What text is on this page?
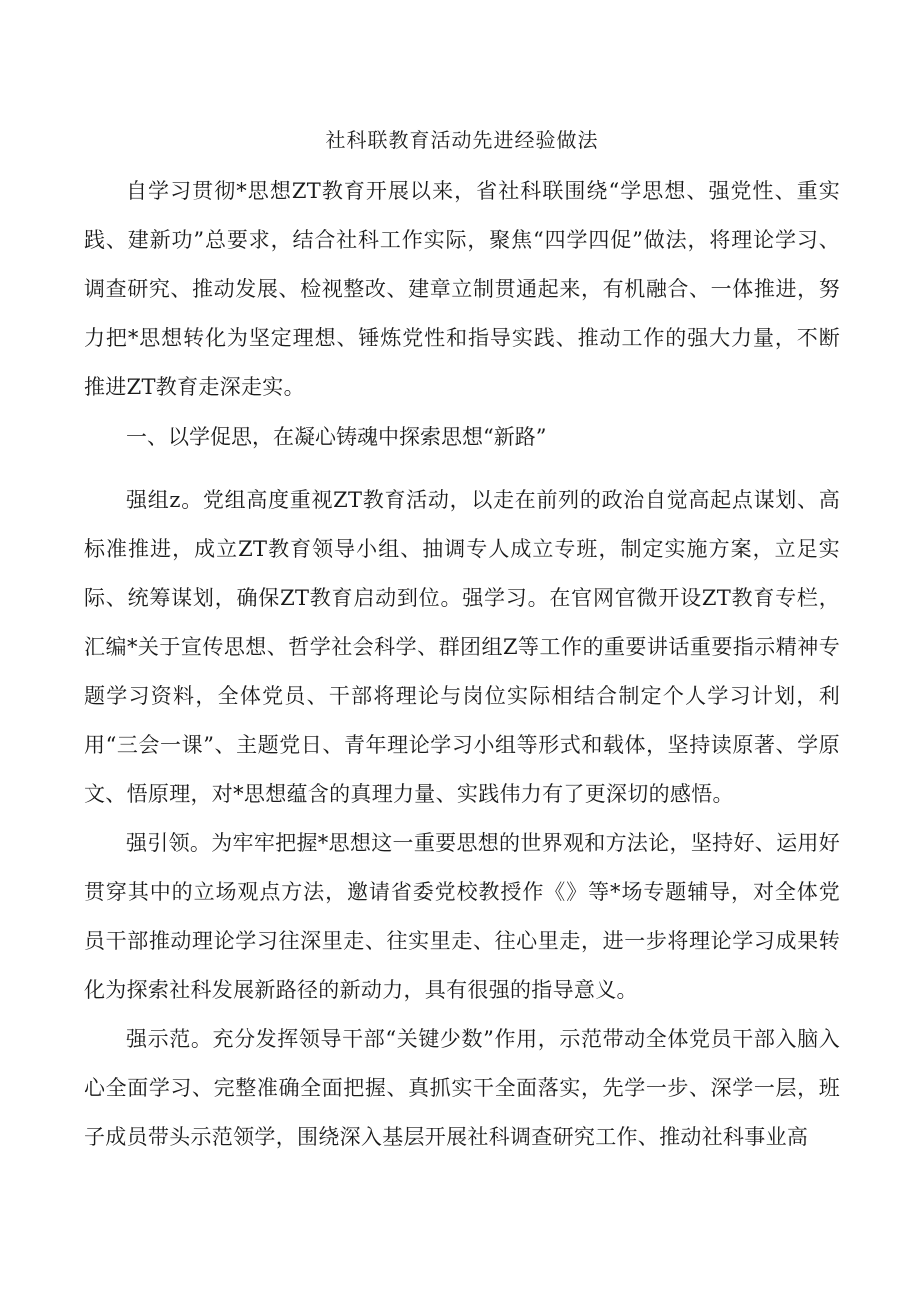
社科联教育活动先进经验做法

自学习贯彻*思想ZT教育开展以来，省社科联围绕“学思想、强党性、重实践、建新功”总要求，结合社科工作实际，聚焦“四学四促”做法，将理论学习、调查研究、推动发展、检视整改、建章立制贯通起来，有机融合、一体推进，努力把*思想转化为坚定理想、锤炼党性和指导实践、推动工作的强大力量，不断推进ZT教育走深走实。

一、以学促思，在凝心铸魂中探索思想“新路”

强组z。党组高度重视ZT教育活动，以走在前列的政治自觉高起点谋划、高标准推进，成立ZT教育领导小组、抽调专人成立专班，制定实施方案，立足实际、统筹谋划，确保ZT教育启动到位。强学习。在官网官微开设ZT教育专栏，汇编*关于宣传思想、哲学社会科学、群团组Z等工作的重要讲话重要指示精神专题学习资料，全体党员、干部将理论与岗位实际相结合制定个人学习计划，利用“三会一课”、主题党日、青年理论学习小组等形式和载体，坚持读原著、学原文、悟原理，对*思想蕴含的真理力量、实践伟力有了更深切的感悟。

强引领。为牢牢把握*思想这一重要思想的世界观和方法论，坚持好、运用好贯穿其中的立场观点方法，邀请省委党校教授作《》等*场专题辅导，对全体党员干部推动理论学习往深里走、往实里走、往心里走，进一步将理论学习成果转化为探索社科发展新路径的新动力，具有很强的指导意义。

强示范。充分发挥领导干部“关键少数”作用，示范带动全体党员干部入脑入心全面学习、完整准确全面把握、真抓实干全面落实，先学一步、深学一层，班子成员带头示范领学，围绕深入基层开展社科调查研究工作、推动社科事业高
